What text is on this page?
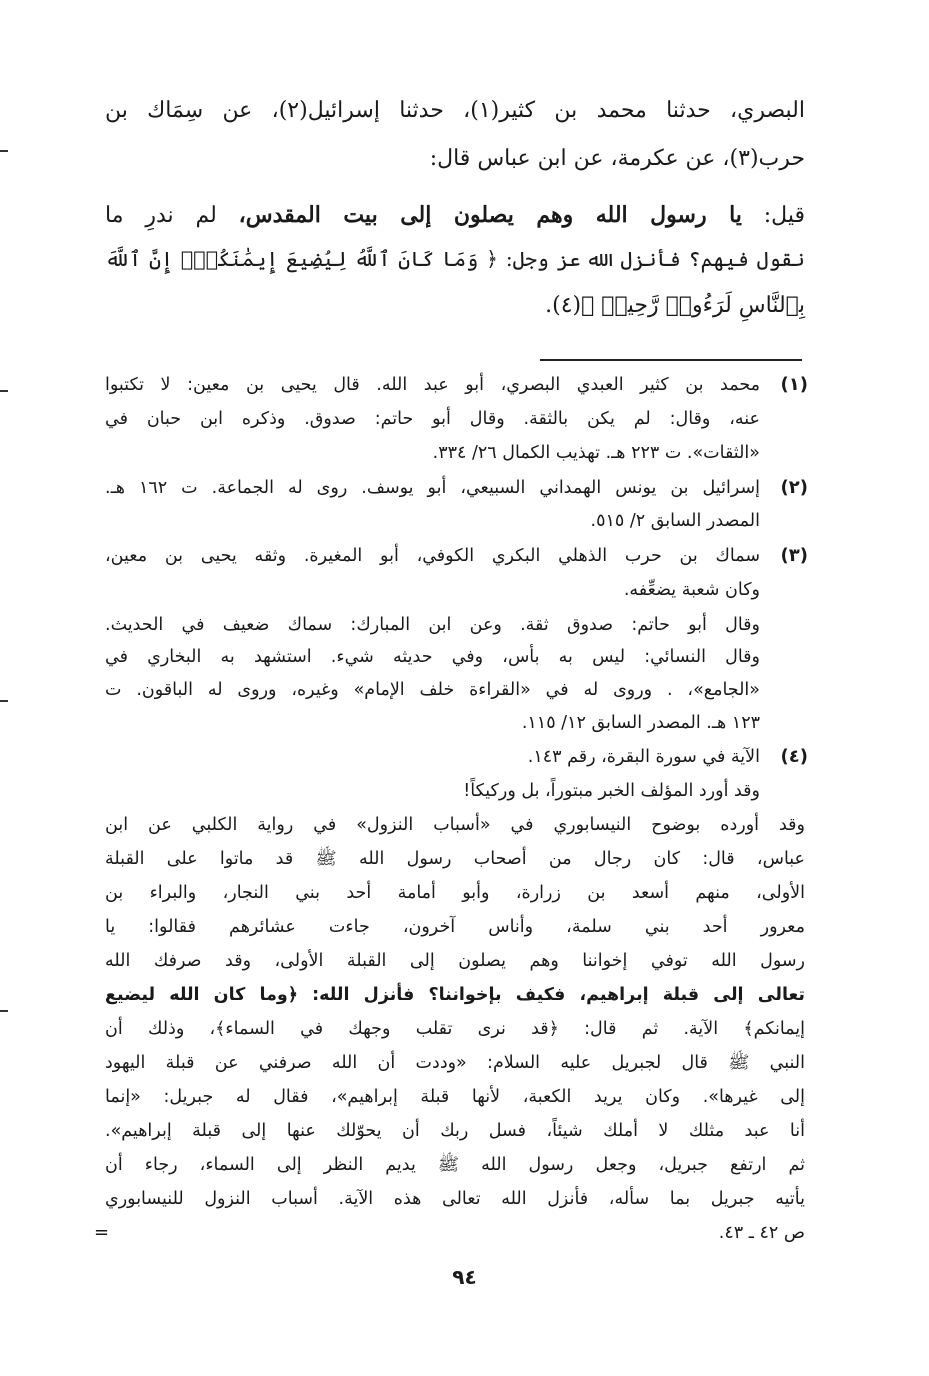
البصري، حدثنا محمد بن كثير(١)، حدثنا إسرائيل(٢)، عن سِمَاك بن
حرب(٣)، عن عكرمة، عن ابن عباس قال:
قيل: يا رسول الله وهم يصلون إلى بيت المقدس، لم ندرِ ما
نقول فيهم؟ فأنزل الله عز وجل: ﴿ وَمَا كَانَ ٱللَّهُ لِيُضِيعَ إِيمَٰنَكُمْۚ إِنَّ ٱللَّهَ
بِٱلنَّاسِ لَرَءُوفٞ رَّحِيمٞ ﴾(٤).
(١)
محمد بن كثير العبدي البصري، أبو عبد الله. قال يحيى بن معين: لا تكتبوا
عنه، وقال: لم يكن بالثقة. وقال أبو حاتم: صدوق. وذكره ابن حبان في
«الثقات». ت ٢٢٣ هـ. تهذيب الكمال ٢٦/ ٣٣٤.
(٢)
إسرائيل بن يونس الهمداني السبيعي، أبو يوسف. روى له الجماعة. ت ١٦٢ هـ.
المصدر السابق ٢/ ٥١٥.
(٣)
سماك بن حرب الذهلي البكري الكوفي، أبو المغيرة. وثقه يحيى بن معين،
وكان شعبة يضعِّفه.
وقال أبو حاتم: صدوق ثقة. وعن ابن المبارك: سماك ضعيف في الحديث.
وقال النسائي: ليس به بأس، وفي حديثه شيء. استشهد به البخاري في
«الجامع»، . وروى له في «القراءة خلف الإمام» وغيره، وروى له الباقون. ت
١٢٣ هـ. المصدر السابق ١٢/ ١١٥.
(٤)
الآية في سورة البقرة، رقم ١٤٣.
وقد أورد المؤلف الخبر مبتوراً، بل وركيكاً!
وقد أورده بوضوح النيسابوري في «أسباب النزول» في رواية الكلبي عن ابن
عباس، قال: كان رجال من أصحاب رسول الله ﷺ قد ماتوا على القبلة
الأولى، منهم أسعد بن زرارة، وأبو أمامة أحد بني النجار، والبراء بن
معرور أحد بني سلمة، وأناس آخرون، جاءت عشائرهم فقالوا: يا
رسول الله توفي إخواننا وهم يصلون إلى القبلة الأولى، وقد صرفك الله
تعالى إلى قبلة إبراهيم، فكيف بإخواننا؟ فأنزل الله: ﴿وما كان الله ليضيع
إيمانكم﴾ الآية. ثم قال: ﴿قد نرى تقلب وجهك في السماء﴾، وذلك أن
النبي ﷺ قال لجبريل عليه السلام: «وددت أن الله صرفني عن قبلة اليهود
إلى غيرها». وكان يريد الكعبة، لأنها قبلة إبراهيم»، فقال له جبريل: «إنما
أنا عبد مثلك لا أملك شيئاً، فسل ربك أن يحوّلك عنها إلى قبلة إبراهيم».
ثم ارتفع جبريل، وجعل رسول الله ﷺ يديم النظر إلى السماء، رجاء أن
يأتيه جبريل بما سأله، فأنزل الله تعالى هذه الآية. أسباب النزول للنيسابوري
ص ٤٢ ـ ٤٣.
=
٩٤
